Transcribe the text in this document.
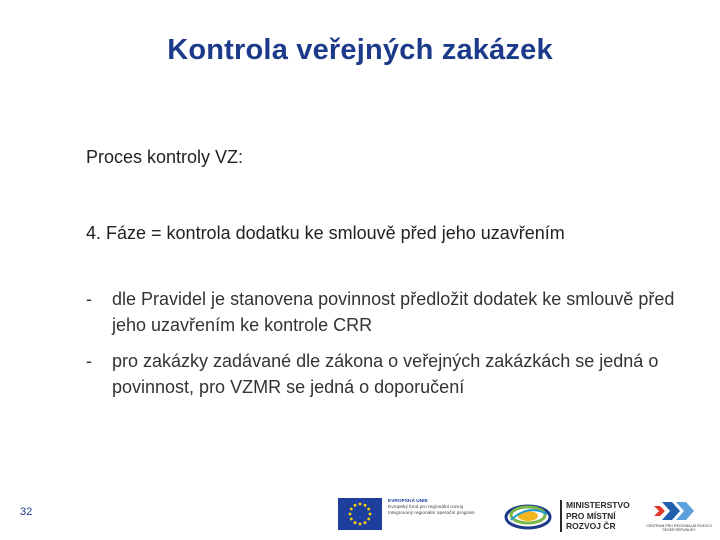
Kontrola veřejných zakázek
Proces kontroly VZ:
4. Fáze = kontrola dodatku ke smlouvě před jeho uzavřením
-	dle Pravidel je stanovena povinnost předložit dodatek ke smlouvě před jeho uzavřením ke kontrole CRR
-	pro zakázky zadávané dle zákona o veřejných zakázkách se jedná o povinnost, pro VZMR se jedná o doporučení
32
EVROPSKÁ UNIE
Evropský fond pro regionální rozvoj
Integrovaný regionální operační program
MINISTERSTVO PRO MÍSTNÍ ROZVOJ ČR	CENTRUM PRO REGIONÁLNÍ ROZVOJ ČESKÉ REPUBLIKY
